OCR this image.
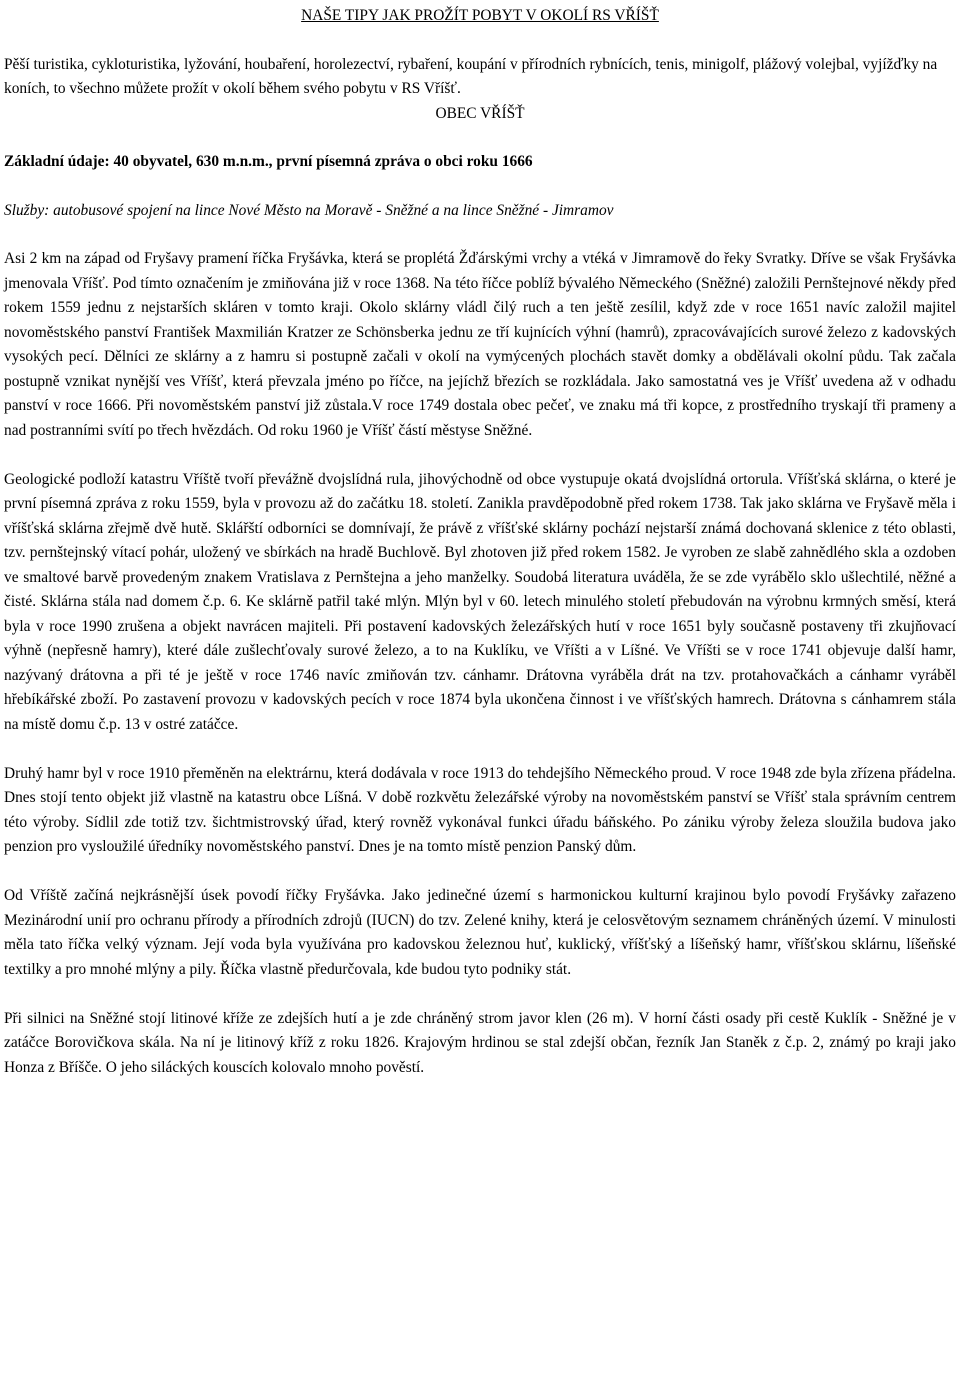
NAŠE TIPY JAK PROŽÍT POBYT V OKOLÍ RS VŘÍŠŤ

Pěší turistika, cykloturistika, lyžování, houbaření, horolezectví, rybaření, koupání v přírodních rybnících, tenis, minigolf, plážový volejbal, vyjížďky na koních, to všechno můžete prožít v okolí během svého pobytu v RS Vříšť.

OBEC VŘÍŠŤ

Základní údaje: 40 obyvatel, 630 m.n.m., první písemná zpráva o obci roku 1666

Služby: autobusové spojení na lince Nové Město na Moravě - Sněžné a na lince Sněžné - Jimramov

Asi 2 km na západ od Fryšavy pramení říčka Fryšávka, která se proplétá Žďárskými vrchy a vtéká v Jimramově do řeky Svratky. Dříve se však Fryšávka jmenovala Vříšť. Pod tímto označením je zmiňována již v roce 1368. Na této říčce poblíž bývalého Německého (Sněžné) založili Pernštejnové někdy před rokem 1559 jednu z nejstarších skláren v tomto kraji. Okolo sklárny vládl čilý ruch a ten ještě zesílil, když zde v roce 1651 navíc založil majitel novoměstského panství František Maxmilián Kratzer ze Schönsberka jednu ze tří kujnících výhní (hamrů), zpracovávajících surové železo z kadovských vysokých pecí. Dělníci ze sklárny a z hamru si postupně začali v okolí na vymýcených plochách stavět domky a obdělávali okolní půdu. Tak začala postupně vznikat nynější ves Vříšť, která převzala jméno po říčce, na jejíchž březích se rozkládala. Jako samostatná ves je Vříšť uvedena až v odhadu panství v roce 1666. Při novoměstském panství již zůstala.V roce 1749 dostala obec pečeť, ve znaku má tři kopce, z prostředního tryskají tři prameny a nad postranními svítí po třech hvězdách. Od roku 1960 je Vříšť částí městyse Sněžné.

Geologické podloží katastru Vříště tvoří převážně dvojslídná rula, jihovýchodně od obce vystupuje okatá dvojslídná ortorula. Vříšťská sklárna, o které je první písemná zpráva z roku 1559, byla v provozu až do začátku 18. století. Zanikla pravděpodobně před rokem 1738. Tak jako sklárna ve Fryšavě měla i vříšťská sklárna zřejmě dvě hutě. Sklářští odborníci se domnívají, že právě z vříšťské sklárny pochází nejstarší známá dochovaná sklenice z této oblasti, tzv. pernštejnský vítací pohár, uložený ve sbírkách na hradě Buchlově. Byl zhotoven již před rokem 1582. Je vyroben ze slabě zahnědlého skla a ozdoben ve smaltové barvě provedeným znakem Vratislava z Pernštejna a jeho manželky. Soudobá literatura uváděla, že se zde vyrábělo sklo ušlechtilé, něžné a čisté. Sklárna stála nad domem č.p. 6. Ke sklárně patřil také mlýn. Mlýn byl v 60. letech minulého století přebudován na výrobnu krmných směsí, která byla v roce 1990 zrušena a objekt navrácen majiteli. Při postavení kadovských železářských hutí v roce 1651 byly současně postaveny tři zkujňovací výhně (nepřesně hamry), které dále zušlechťovaly surové železo, a to na Kuklíku, ve Vříšti a v Líšné. Ve Vříšti se v roce 1741 objevuje další hamr, nazývaný drátovna a při té je ještě v roce 1746 navíc zmiňován tzv. cánhamr. Drátovna vyráběla drát na tzv. protahovačkách a cánhamr vyráběl hřebíkářské zboží. Po zastavení provozu v kadovských pecích v roce 1874 byla ukončena činnost i ve vříšťských hamrech. Drátovna s cánhamrem stála na místě domu č.p. 13 v ostré zatáčce.

Druhý hamr byl v roce 1910 přeměněn na elektrárnu, která dodávala v roce 1913 do tehdejšího Německého proud. V roce 1948 zde byla zřízena přádelna. Dnes stojí tento objekt již vlastně na katastru obce Líšná. V době rozkvětu železářské výroby na novoměstském panství se Vříšť stala správním centrem této výroby. Sídlil zde totiž tzv. šichtmistrovský úřad, který rovněž vykonával funkci úřadu báňského. Po zániku výroby železa sloužila budova jako penzion pro vysloužilé úředníky novoměstského panství. Dnes je na tomto místě penzion Panský dům.

Od Vříště začíná nejkrásnější úsek povodí říčky Fryšávka. Jako jedinečné území s harmonickou kulturní krajinou bylo povodí Fryšávky zařazeno Mezinárodní unií pro ochranu přírody a přírodních zdrojů (IUCN) do tzv. Zelené knihy, která je celosvětovým seznamem chráněných území. V minulosti měla tato říčka velký význam. Její voda byla využívána pro kadovskou železnou huť, kuklický, vříšťský a líšeňský hamr, vříšťskou sklárnu, líšeňské textilky a pro mnohé mlýny a pily. Říčka vlastně předurčovala, kde budou tyto podniky stát.

Při silnici na Sněžné stojí litinové kříže ze zdejších hutí a je zde chráněný strom javor klen (26 m). V horní části osady při cestě Kuklík - Sněžné je v zatáčce Borovičkova skála. Na ní je litinový kříž z roku 1826. Krajovým hrdinou se stal zdejší občan, řezník Jan Staněk z č.p. 2, známý po kraji jako Honza z Bříšče. O jeho siláckých kouscích kolovalo mnoho pověstí.
